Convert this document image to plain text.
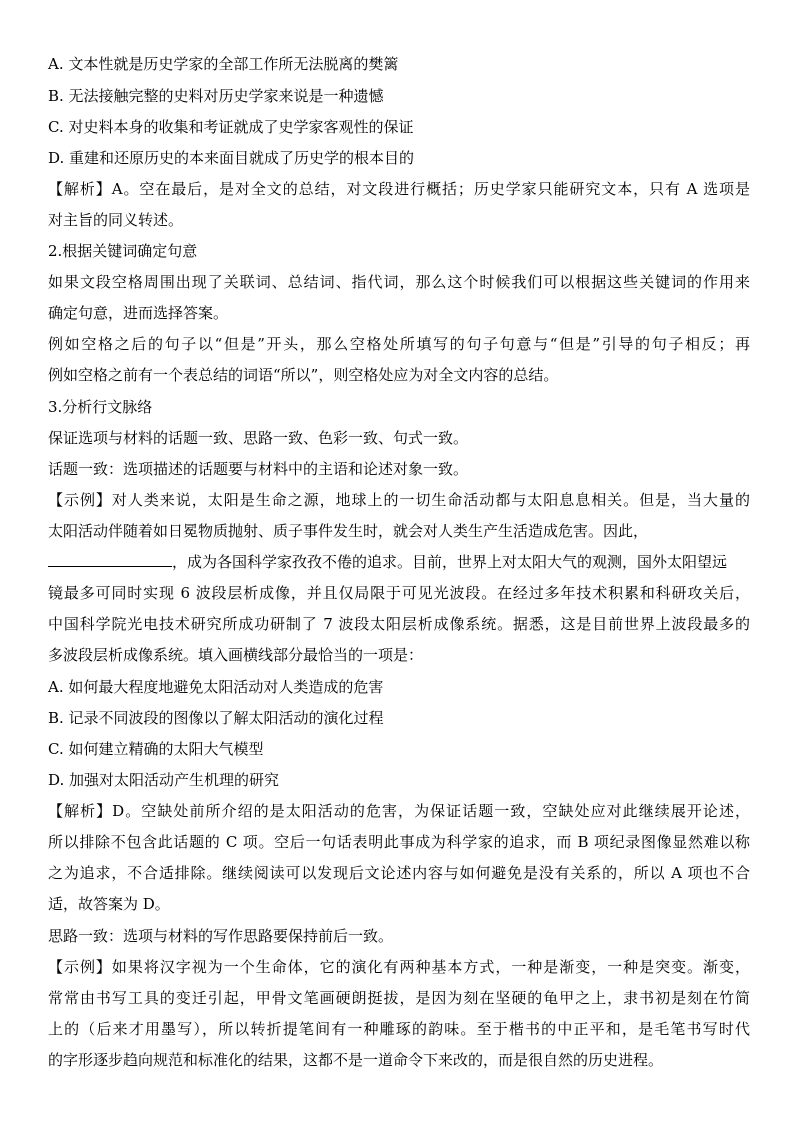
A. 文本性就是历史学家的全部工作所无法脱离的樊篱
B. 无法接触完整的史料对历史学家来说是一种遗憾
C. 对史料本身的收集和考证就成了史学家客观性的保证
D. 重建和还原历史的本来面目就成了历史学的根本目的
【解析】A。空在最后，是对全文的总结，对文段进行概括；历史学家只能研究文本，只有 A 选项是
对主旨的同义转述。
2.根据关键词确定句意
如果文段空格周围出现了关联词、总结词、指代词，那么这个时候我们可以根据这些关键词的作用来
确定句意，进而选择答案。
例如空格之后的句子以“但是”开头，那么空格处所填写的句子句意与“但是”引导的句子相反；再
例如空格之前有一个表总结的词语“所以”，则空格处应为对全文内容的总结。
3.分析行文脉络
保证选项与材料的话题一致、思路一致、色彩一致、句式一致。
话题一致：选项描述的话题要与材料中的主语和论述对象一致。
【示例】对人类来说，太阳是生命之源，地球上的一切生命活动都与太阳息息相关。但是，当大量的
太阳活动伴随着如日冕物质抛射、质子事件发生时，就会对人类生产生活造成危害。因此，
，成为各国科学家孜孜不倦的追求。目前，世界上对太阳大气的观测，国外太阳望远
镜最多可同时实现 6 波段层析成像，并且仅局限于可见光波段。在经过多年技术积累和科研攻关后，
中国科学院光电技术研究所成功研制了 7 波段太阳层析成像系统。据悉，这是目前世界上波段最多的
多波段层析成像系统。填入画横线部分最恰当的一项是：
A. 如何最大程度地避免太阳活动对人类造成的危害
B. 记录不同波段的图像以了解太阳活动的演化过程
C. 如何建立精确的太阳大气模型
D. 加强对太阳活动产生机理的研究
【解析】D。空缺处前所介绍的是太阳活动的危害，为保证话题一致，空缺处应对此继续展开论述，
所以排除不包含此话题的 C 项。空后一句话表明此事成为科学家的追求，而 B 项纪录图像显然难以称
之为追求，不合适排除。继续阅读可以发现后文论述内容与如何避免是没有关系的，所以 A 项也不合
适，故答案为 D。
思路一致：选项与材料的写作思路要保持前后一致。
【示例】如果将汉字视为一个生命体，它的演化有两种基本方式，一种是渐变，一种是突变。渐变，
常常由书写工具的变迁引起，甲骨文笔画硬朗挺拔，是因为刻在坚硬的龟甲之上，隶书初是刻在竹简
上的（后来才用墨写），所以转折提笔间有一种雕琢的韵味。至于楷书的中正平和，是毛笔书写时代
的字形逐步趋向规范和标准化的结果，这都不是一道命令下来改的，而是很自然的历史进程。
